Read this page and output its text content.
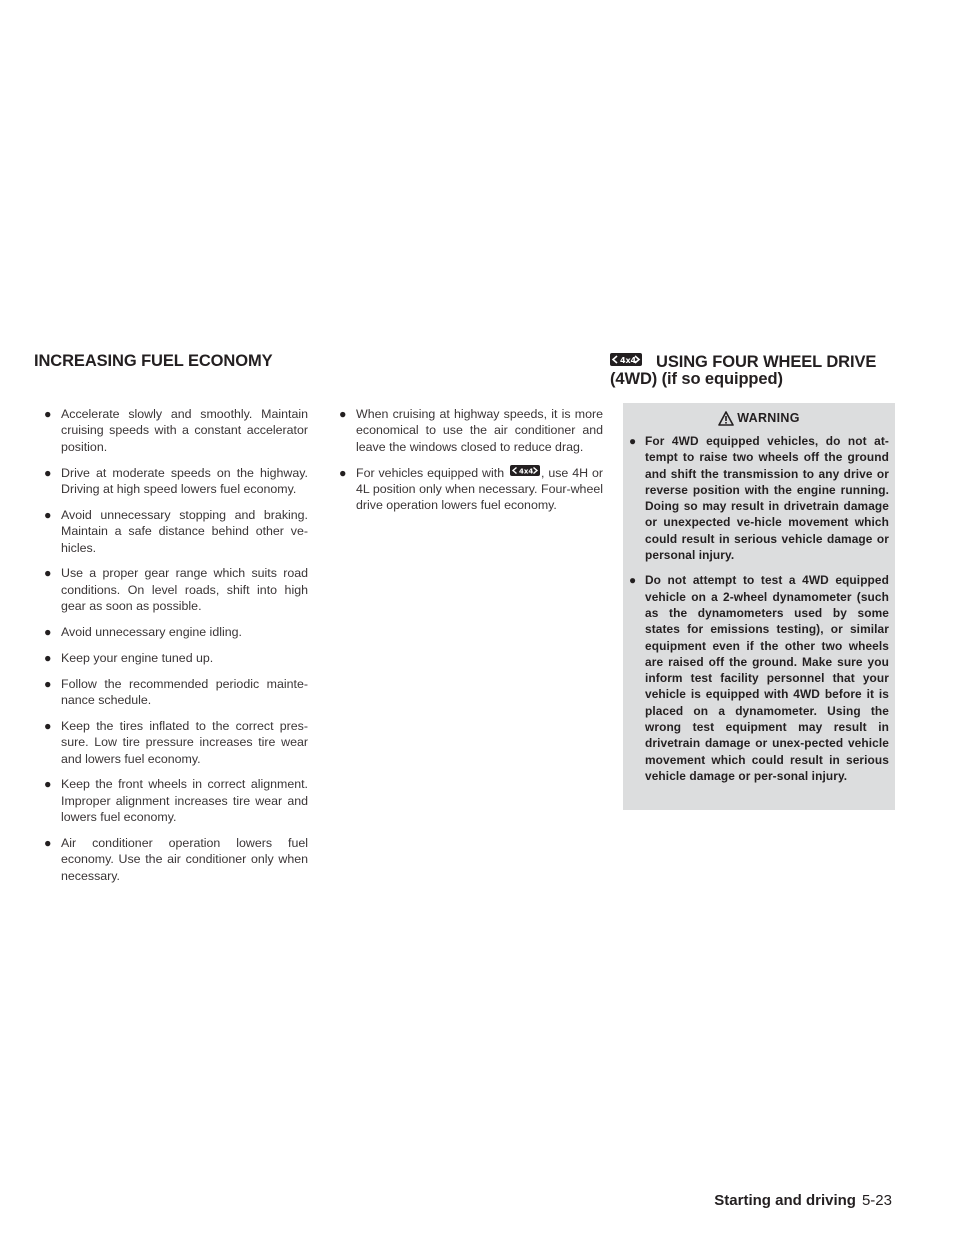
INCREASING FUEL ECONOMY	4x4 USING FOUR WHEEL DRIVE
(4WD) (if so equipped)
● Accelerate slowly and smoothly. Maintain cruising speeds with a constant accelerator position.
● Drive at moderate speeds on the highway. Driving at high speed lowers fuel economy.
● Avoid unnecessary stopping and braking. Maintain a safe distance behind other ve-hicles.
● Use a proper gear range which suits road conditions. On level roads, shift into high gear as soon as possible.
● Avoid unnecessary engine idling.
● Keep your engine tuned up.
● Follow the recommended periodic mainte-nance schedule.
● Keep the tires inflated to the correct pres-sure. Low tire pressure increases tire wear and lowers fuel economy.
● Keep the front wheels in correct alignment. Improper alignment increases tire wear and lowers fuel economy.
● Air conditioner operation lowers fuel economy. Use the air conditioner only when necessary.
● When cruising at highway speeds, it is more economical to use the air conditioner and leave the windows closed to reduce drag.
● For vehicles equipped with 4x4 , use 4H or 4L position only when necessary. Four-wheel drive operation lowers fuel economy.
WARNING
● For 4WD equipped vehicles, do not at-tempt to raise two wheels off the ground and shift the transmission to any drive or reverse position with the engine running. Doing so may result in drivetrain damage or unexpected ve-hicle movement which could result in serious vehicle damage or personal injury.
● Do not attempt to test a 4WD equipped vehicle on a 2-wheel dynamometer (such as the dynamometers used by some states for emissions testing), or similar equipment even if the other two wheels are raised off the ground. Make sure you inform test facility personnel that your vehicle is equipped with 4WD before it is placed on a dynamometer. Using the wrong test equipment may result in drivetrain damage or unex-pected vehicle movement which could result in serious vehicle damage or per-sonal injury.
Starting and driving 5-23
